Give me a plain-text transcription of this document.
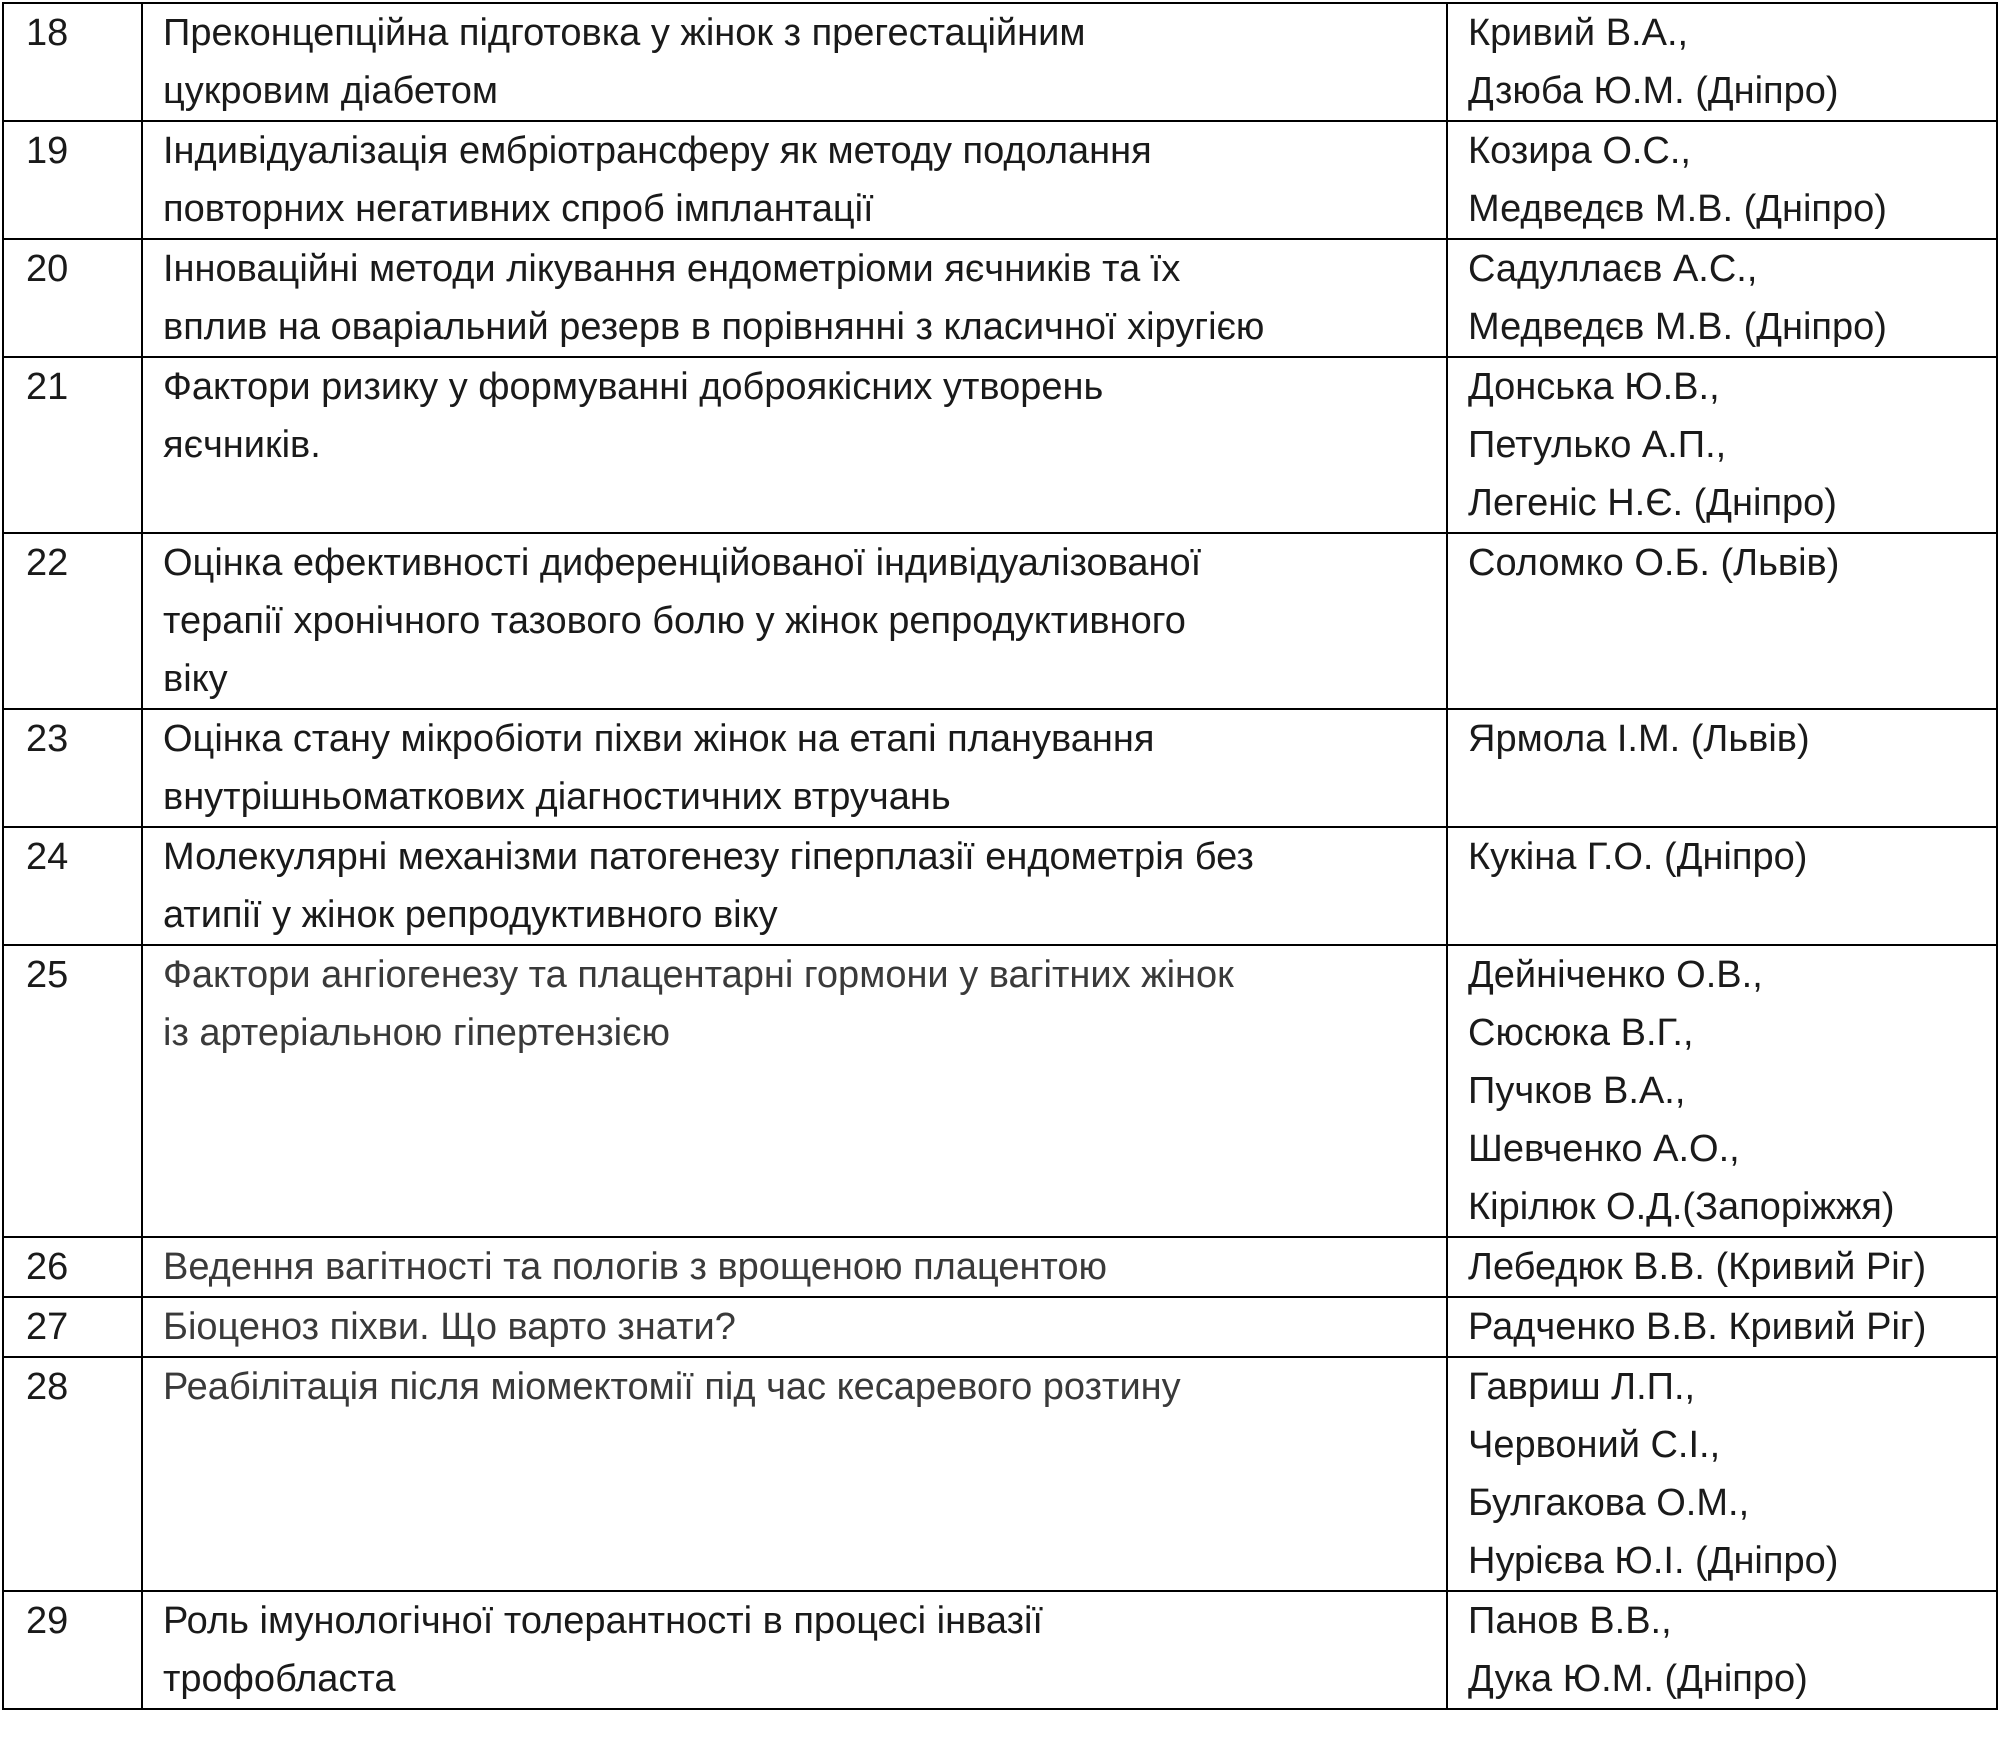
18	Преконцепційна підготовка у жінок з прегестаційним
цукровим діабетом	Кривий В.А.,
Дзюба Ю.М. (Дніпро)

19	Індивідуалізація ембріотрансферу як методу подолання
повторних негативних спроб імплантації	Козира О.С.,
Медведєв М.В. (Дніпро)

20	Інноваційні методи лікування ендометріоми яєчників та їх
вплив на оваріальний резерв в порівнянні з класичної хіругією	Садуллаєв А.С.,
Медведєв М.В. (Дніпро)

21	Фактори ризику у формуванні доброякісних утворень
яєчників.	Донська Ю.В.,
Петулько А.П.,
Легеніс Н.Є. (Дніпро)

22	Оцінка ефективності диференційованої індивідуалізованої
терапії хронічного тазового болю у жінок репродуктивного
віку	Соломко О.Б. (Львів)

23	Оцінка стану мікробіоти піхви жінок на етапі планування
внутрішньоматкових діагностичних втручань	Ярмола І.М. (Львів)

24	Молекулярні механізми патогенезу гіперплазії ендометрія без
атипії у жінок репродуктивного віку	Кукіна Г.О. (Дніпро)

25	Фактори ангіогенезу та плацентарні гормони у вагітних жінок
із артеріальною гіпертензією	Дейніченко О.В.,
Сюсюка В.Г.,
Пучков В.А.,
Шевченко А.О.,
Кірілюк О.Д.(Запоріжжя)

26	Ведення вагітності та пологів з врощеною плацентою	Лебедюк В.В. (Кривий Ріг)

27	Біоценоз піхви. Що варто знати?	Радченко В.В. Кривий Ріг)

28	Реабілітація після міомектомії під час кесаревого розтину	Гавриш Л.П.,
Червоний С.І.,
Булгакова О.М.,
Нурієва Ю.І. (Дніпро)

29	Роль імунологічної толерантності в процесі інвазії
трофобласта	Панов В.В.,
Дука Ю.М. (Дніпро)
